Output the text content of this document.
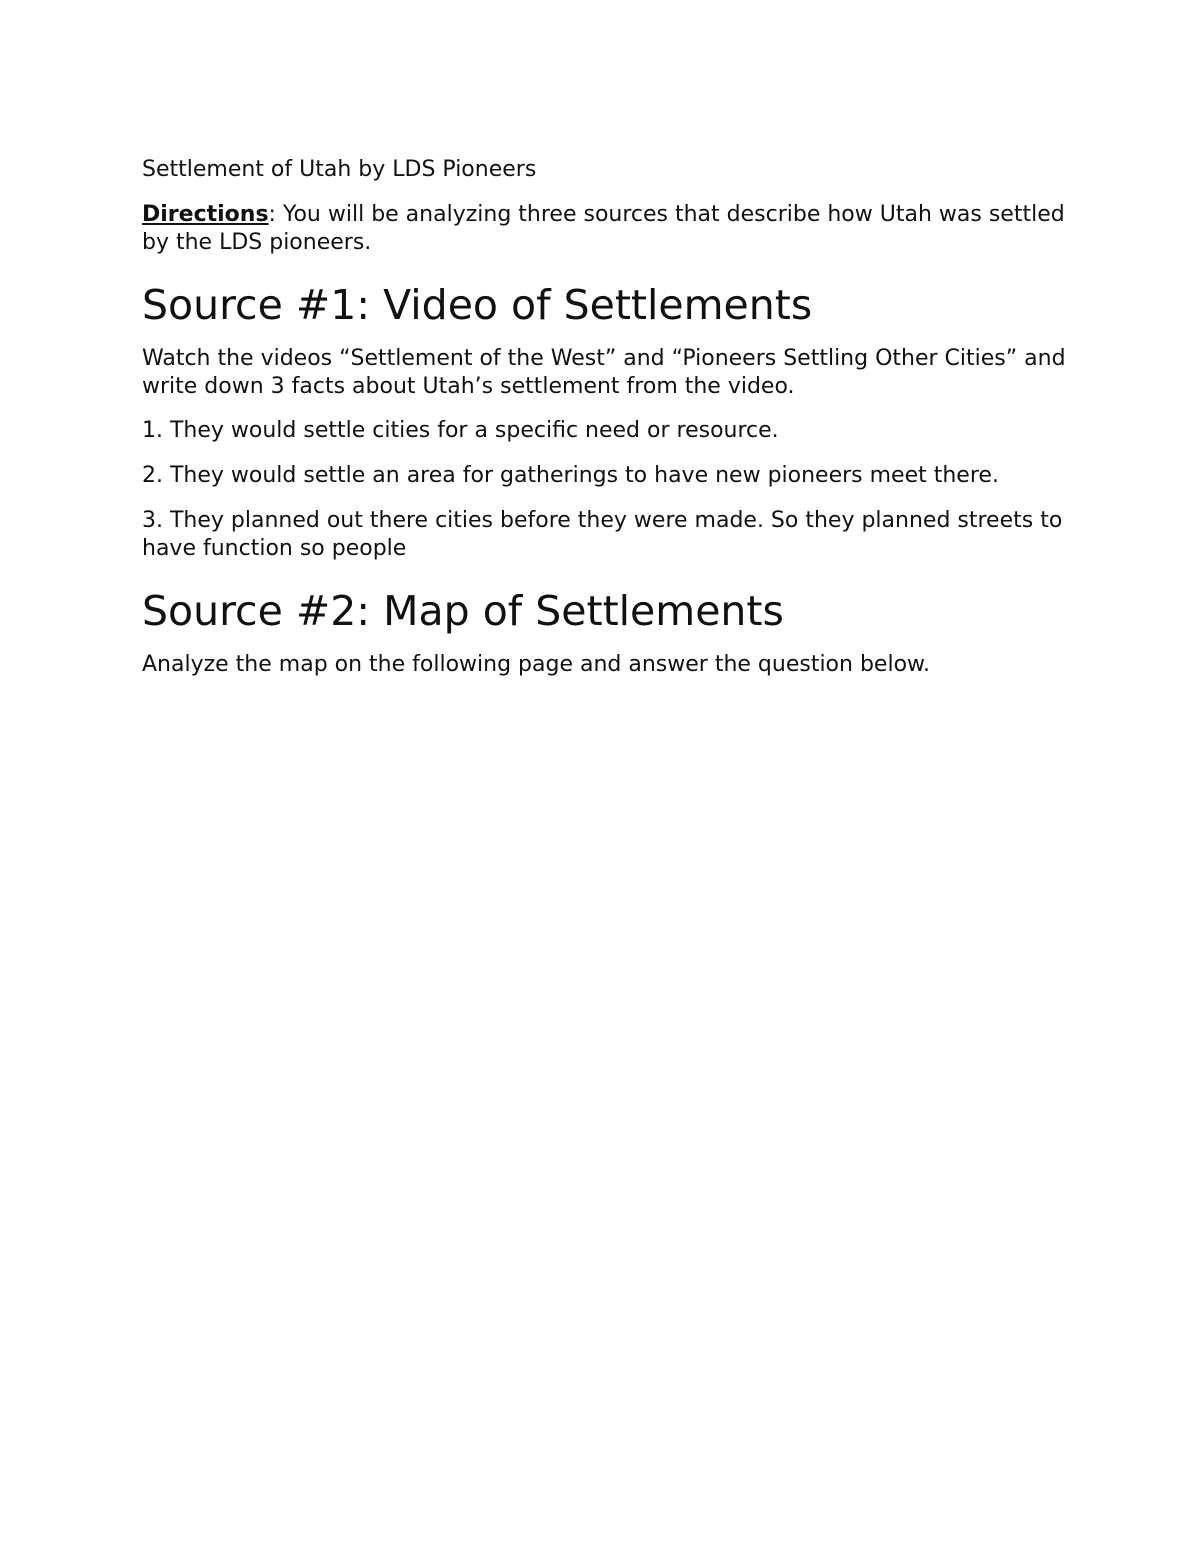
Settlement of Utah by LDS Pioneers

Directions: You will be analyzing three sources that describe how Utah was settled by the LDS pioneers.

Source #1: Video of Settlements

Watch the videos “Settlement of the West” and “Pioneers Settling Other Cities” and write down 3 facts about Utah’s settlement from the video.

1. They would settle cities for a specific need or resource.

2. They would settle an area for gatherings to have new pioneers meet there.

3. They planned out there cities before they were made. So they planned streets to have function so people

Source #2: Map of Settlements

Analyze the map on the following page and answer the question below.
